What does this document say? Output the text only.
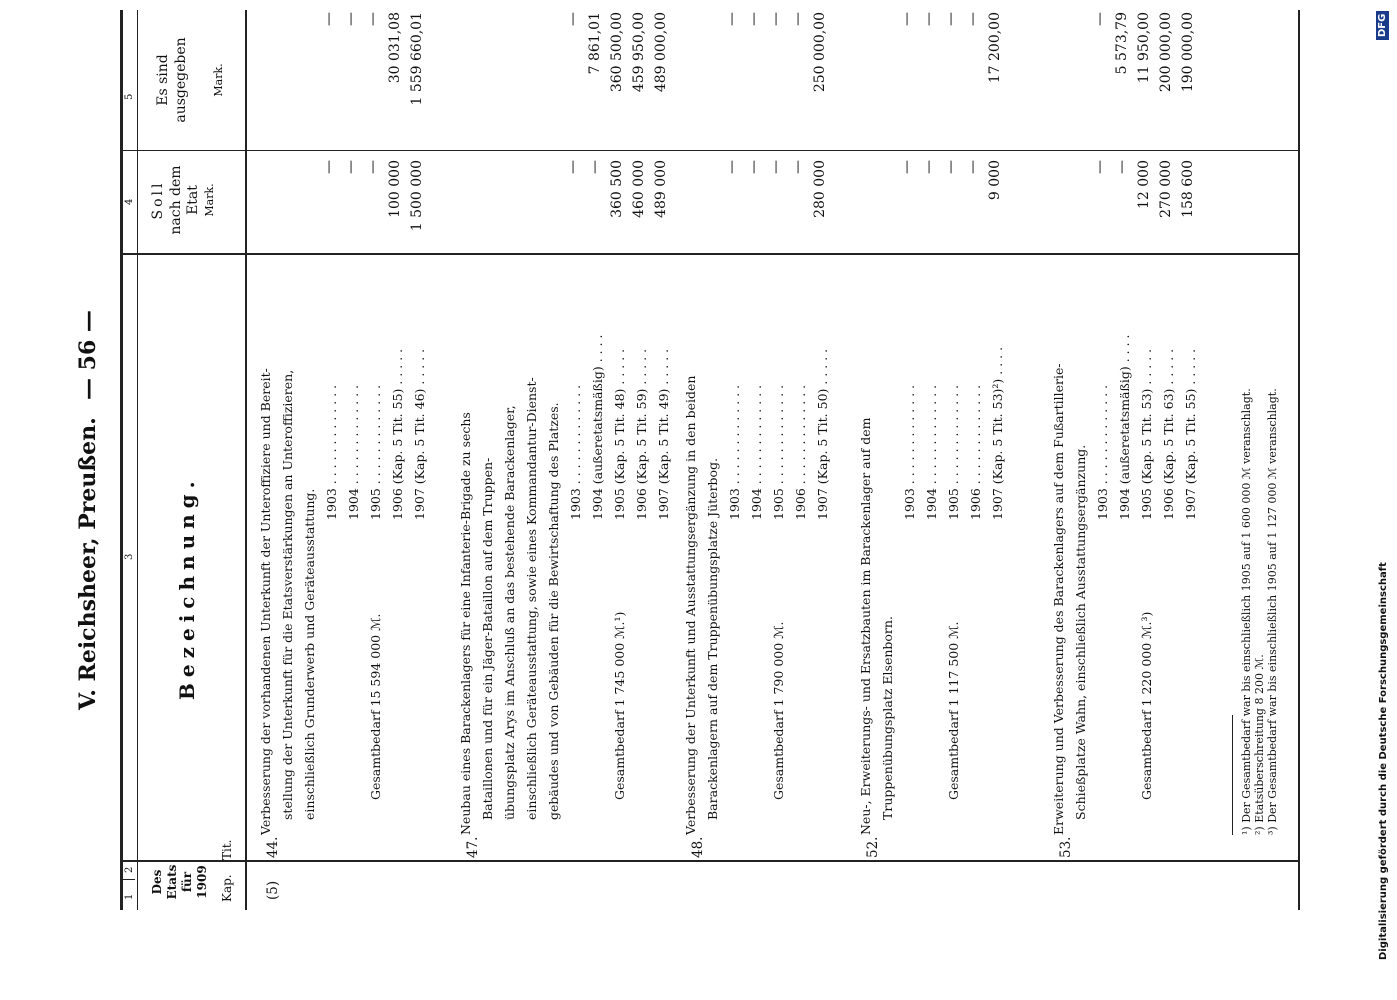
V. Reichsheer, Preußen.
— 56 —
1
2
3
4
5
Des Etats für 1909 Kap.
Tit.
Bezeichnung.
Soll nach dem Etat Mark.
Es sind ausgegeben Mark.
(5)
44.
Verbesserung der vorhandenen Unterkunft der Unteroffiziere und Bereit- stellung der Unterkunft für die Etatsverstärkungen an Unteroffizieren, einschließlich Grunderwerb und Geräteausstattung.
1903 . . . . . . . . . . . . .
—
—
1904 . . . . . . . . . . . . .
—
—
1905 . . . . . . . . . . . . .
—
—
1906 (Kap. 5 Tit. 55) . . . . .
100 000
30 031,08
1907 (Kap. 5 Tit. 46) . . . . .
1 500 000
1 559 660,01
Gesamtbedarf 15 594 000 ℳ.
47.
Neubau eines Barackenlagers für eine Infanterie-Brigade zu sechs Bataillonen und für ein Jäger-Bataillon auf dem Truppen- übungsplatz Arys im Anschluß an das bestehende Barackenlager, einschließlich Geräteausstattung, sowie eines Kommandantur-Dienst- gebäudes und von Gebäuden für die Bewirtschaftung des Platzes. 1903 . . . . . . . . . . . . .
—
—
1904 (außeretatsmäßig) . . . .
—
7 861,01
1905 (Kap. 5 Tit. 48) . . . . .
360 500
360 500,00
1906 (Kap. 5 Tit. 59) . . . . .
460 000
459 950,00
1907 (Kap. 5 Tit. 49) . . . . .
489 000
489 000,00
Gesamtbedarf 1 745 000 ℳ.¹)
48.
Verbesserung der Unterkunft und Ausstattungsergänzung in den beiden Barackenlagern auf dem Truppenübungsplatze Jüterbog.
1903 . . . . . . . . . . . . .
—
—
1904 . . . . . . . . . . . . .
—
—
1905 . . . . . . . . . . . . .
—
—
1906 . . . . . . . . . . . . .
—
—
1907 (Kap. 5 Tit. 50) . . . . .
280 000
250 000,00
Gesamtbedarf 1 790 000 ℳ.
52.
Neu-, Erweiterungs- und Ersatzbauten im Barackenlager auf dem Truppenübungsplatz Elsenborn.
1903 . . . . . . . . . . . . .
—
—
1904 . . . . . . . . . . . . .
—
—
1905 . . . . . . . . . . . . .
—
—
1906 . . . . . . . . . . . . .
—
—
1907 (Kap. 5 Tit. 53)²) . . . .
9 000
17 200,00
Gesamtbedarf 1 117 500 ℳ.
53.
Erweiterung und Verbesserung des Barackenlagers auf dem Fußartillerie- Schießplatze Wahn, einschließlich Ausstattungsergänzung. 1903 . . . . . . . . . . . . .
—
—
1904 (außeretatsmäßig) . . . .
—
5 573,79
1905 (Kap. 5 Tit. 53) . . . . .
12 000
11 950,00
1906 (Kap. 5 Tit. 63) . . . . .
270 000
200 000,00
1907 (Kap. 5 Tit. 55) . . . . .
158 600
190 000,00
Gesamtbedarf 1 220 000 ℳ.³)	¹) Der Gesamtbedarf war bis einschließlich 1905 auf 1 600 000 ℳ veranschlagt. ²) Etatsüberschreitung 8 200 ℳ. ³) Der Gesamtbedarf war bis einschließlich 1905 auf 1 127 000 ℳ veranschlagt.	Digitalisierung gefördert durch die Deutsche Forschungsgemeinschaft
DFG
